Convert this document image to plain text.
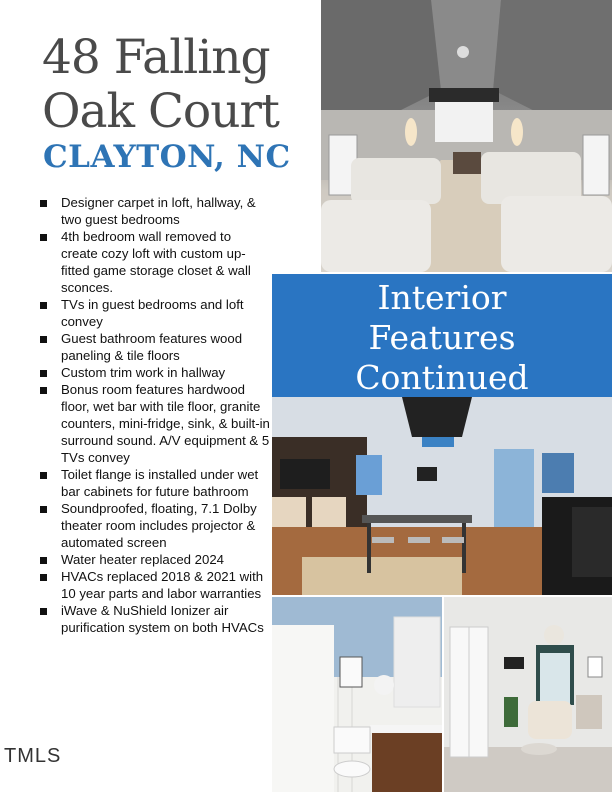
48 Falling
Oak Court
CLAYTON, NC
Designer carpet in loft, hallway, & two guest bedrooms
4th bedroom wall removed to create cozy loft with custom up-fitted game storage closet & wall sconces.
TVs in guest bedrooms and loft convey
Guest bathroom features wood paneling & tile floors
Custom trim work in hallway
Bonus room features hardwood floor, wet bar with tile floor, granite counters, mini-fridge, sink, & built-in surround sound. A/V equipment & 5 TVs convey
Toilet flange is installed under wet bar cabinets for future bathroom
Soundproofed, floating, 7.1 Dolby theater room includes projector & automated screen
Water heater replaced 2024
HVACs replaced 2018 & 2021 with 10 year parts and labor warranties
iWave & NuShield Ionizer air purification system on both HVACs
TMLS
Interior
Features
Continued
